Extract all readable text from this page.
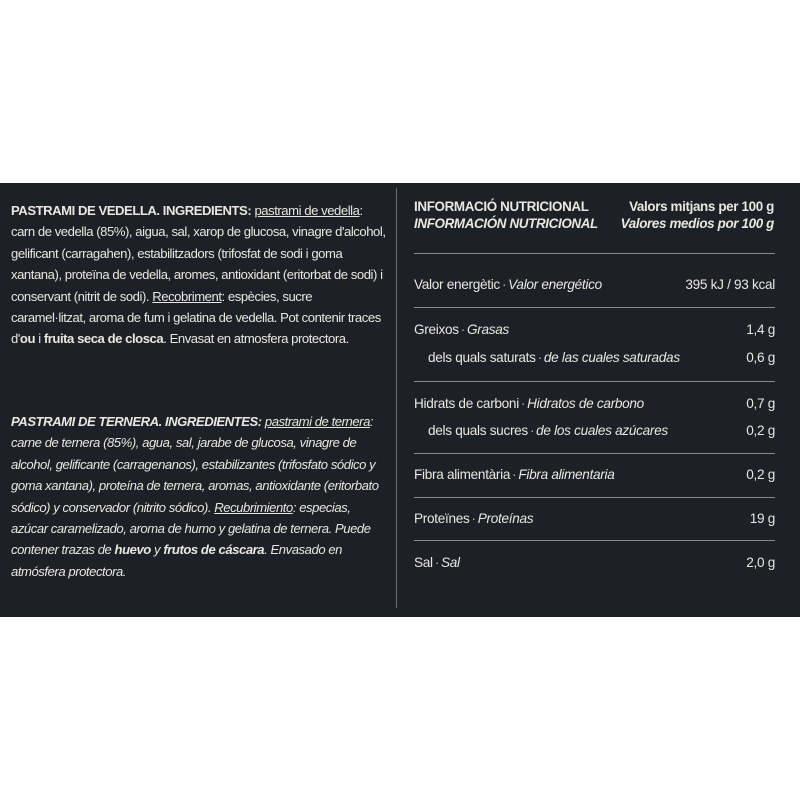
PASTRAMI DE VEDELLA. INGREDIENTS: pastrami de vedella: carn de vedella (85%), aigua, sal, xarop de glucosa, vinagre d'alcohol, gelificant (carragahen), estabilitzadors (trifosfat de sodi i goma xantana), proteïna de vedella, aromes, antioxidant (eritorbat de sodi) i conservant (nitrit de sodi). Recobriment: espècies, sucre caramel·litzat, aroma de fum i gelatina de vedella. Pot contenir traces d'ou i fruita seca de closca. Envasat en atmosfera protectora.
PASTRAMI DE TERNERA. INGREDIENTES: pastrami de ternera: carne de ternera (85%), agua, sal, jarabe de glucosa, vinagre de alcohol, gelificante (carragenanos), estabilizantes (trifosfato sódico y goma xantana), proteína de ternera, aromas, antioxidante (eritorbato sódico) y conservador (nitrito sódico). Recubrimiento: especias, azúcar caramelizado, aroma de humo y gelatina de ternera. Puede contener trazas de huevo y frutos de cáscara. Envasado en atmósfera protectora.
INFORMACIÓ NUTRICIONAL	Valors mitjans per 100 g
INFORMACIÓN NUTRICIONAL Valores medios por 100 g
Valor energètic · Valor energético	395 kJ / 93 kcal
Greixos · Grasas	1,4 g
dels quals saturats · de las cuales saturadas	0,6 g
Hidrats de carboni · Hidratos de carbono	0,7 g
dels quals sucres · de los cuales azúcares	0,2 g
Fibra alimentària · Fibra alimentaria	0,2 g
Proteïnes · Proteínas	19 g
Sal · Sal	2,0 g
